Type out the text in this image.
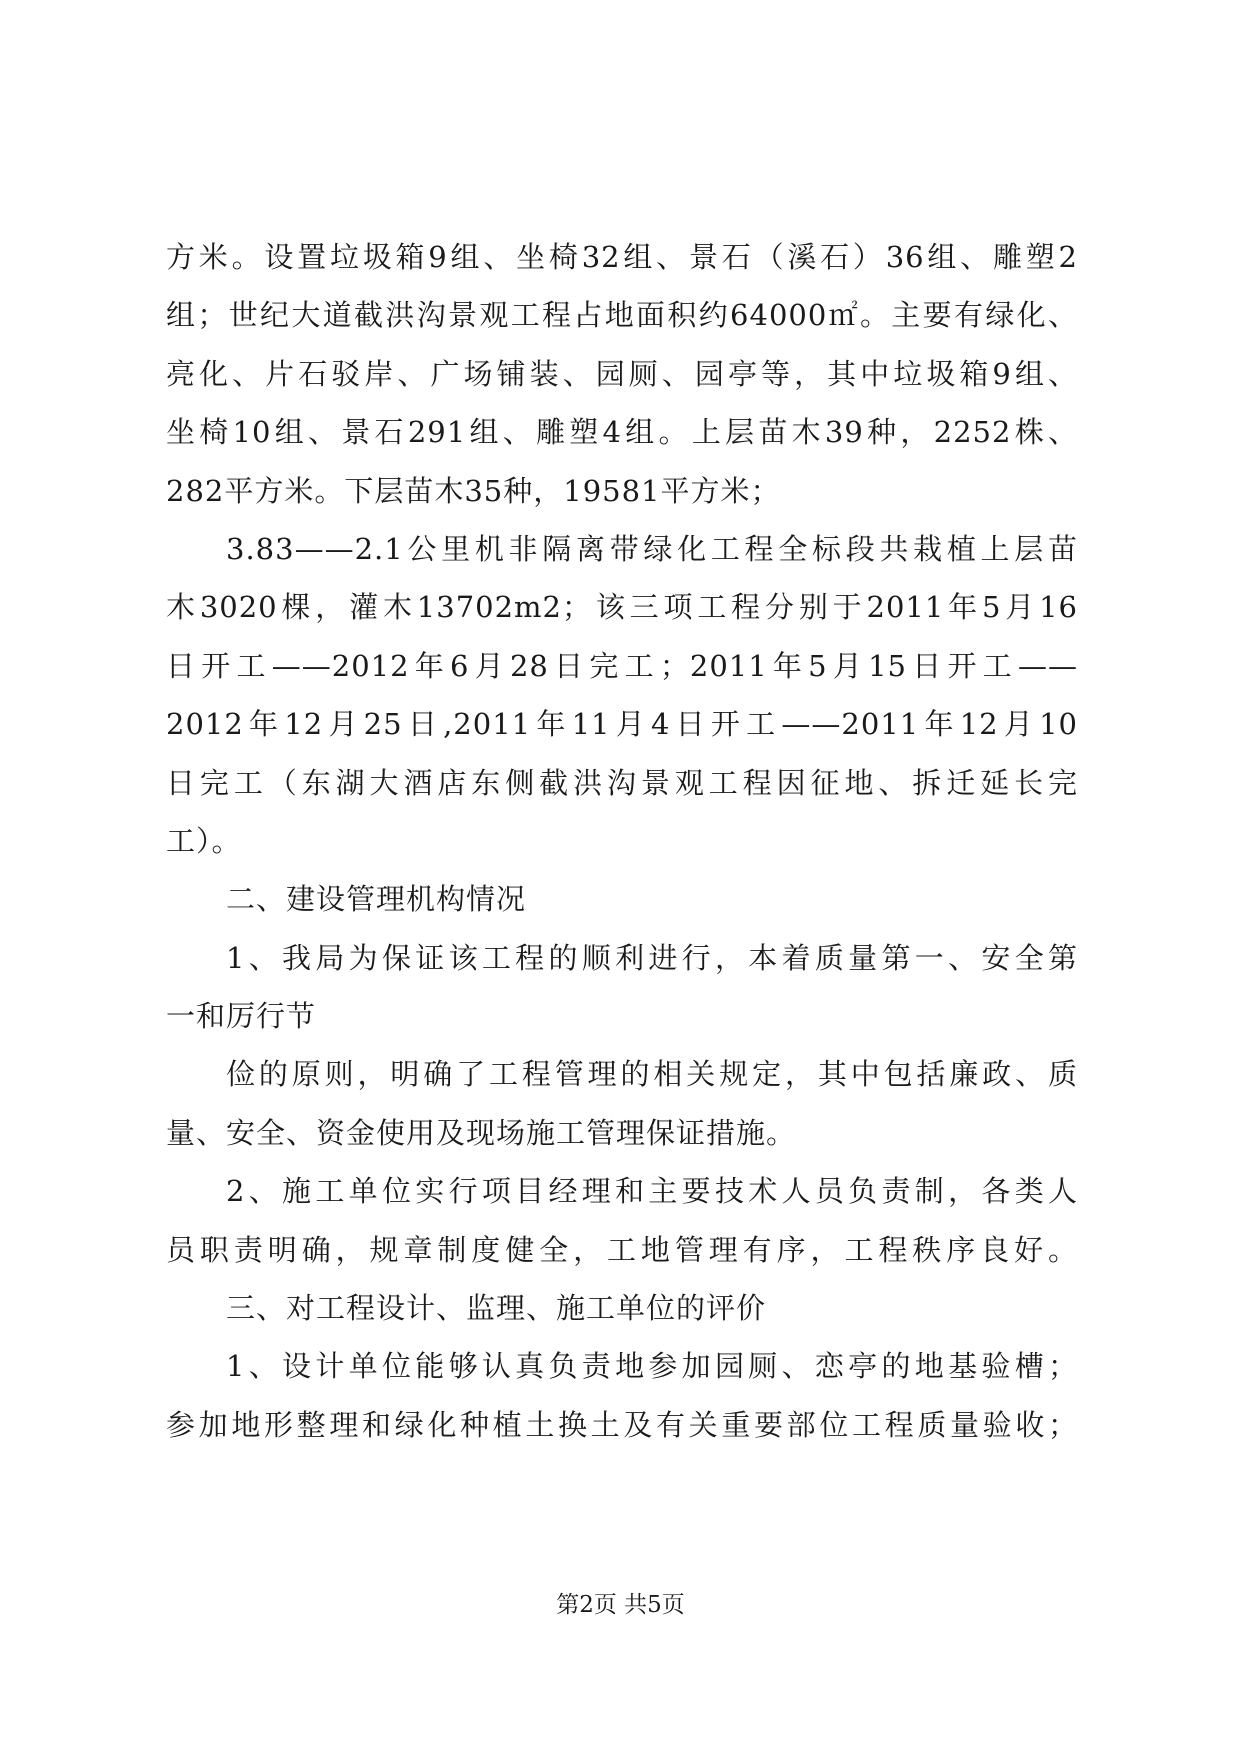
方米。设置垃圾箱9组、坐椅32组、景石（溪石）36组、雕塑2
组；世纪大道截洪沟景观工程占地面积约64000㎡。主要有绿化、
亮化、片石驳岸、广场铺装、园厕、园亭等，其中垃圾箱9组、
坐椅10组、景石291组、雕塑4组。上层苗木39种，2252株、
282平方米。下层苗木35种，19581平方米；
3.83——2.1公里机非隔离带绿化工程全标段共栽植上层苗
木3020棵，灌木13702m2；该三项工程分别于2011年5月16
日开工——2012年6月28日完工；2011年5月15日开工——
2012年12月25日,2011年11月4日开工——2011年12月10
日完工（东湖大酒店东侧截洪沟景观工程因征地、拆迁延长完
工）。
二、建设管理机构情况
1、我局为保证该工程的顺利进行，本着质量第一、安全第
一和厉行节
俭的原则，明确了工程管理的相关规定，其中包括廉政、质
量、安全、资金使用及现场施工管理保证措施。
2、施工单位实行项目经理和主要技术人员负责制，各类人
员职责明确，规章制度健全，工地管理有序，工程秩序良好。
三、对工程设计、监理、施工单位的评价
1、设计单位能够认真负责地参加园厕、恋亭的地基验槽；
参加地形整理和绿化种植土换土及有关重要部位工程质量验收；
第2页 共5页
